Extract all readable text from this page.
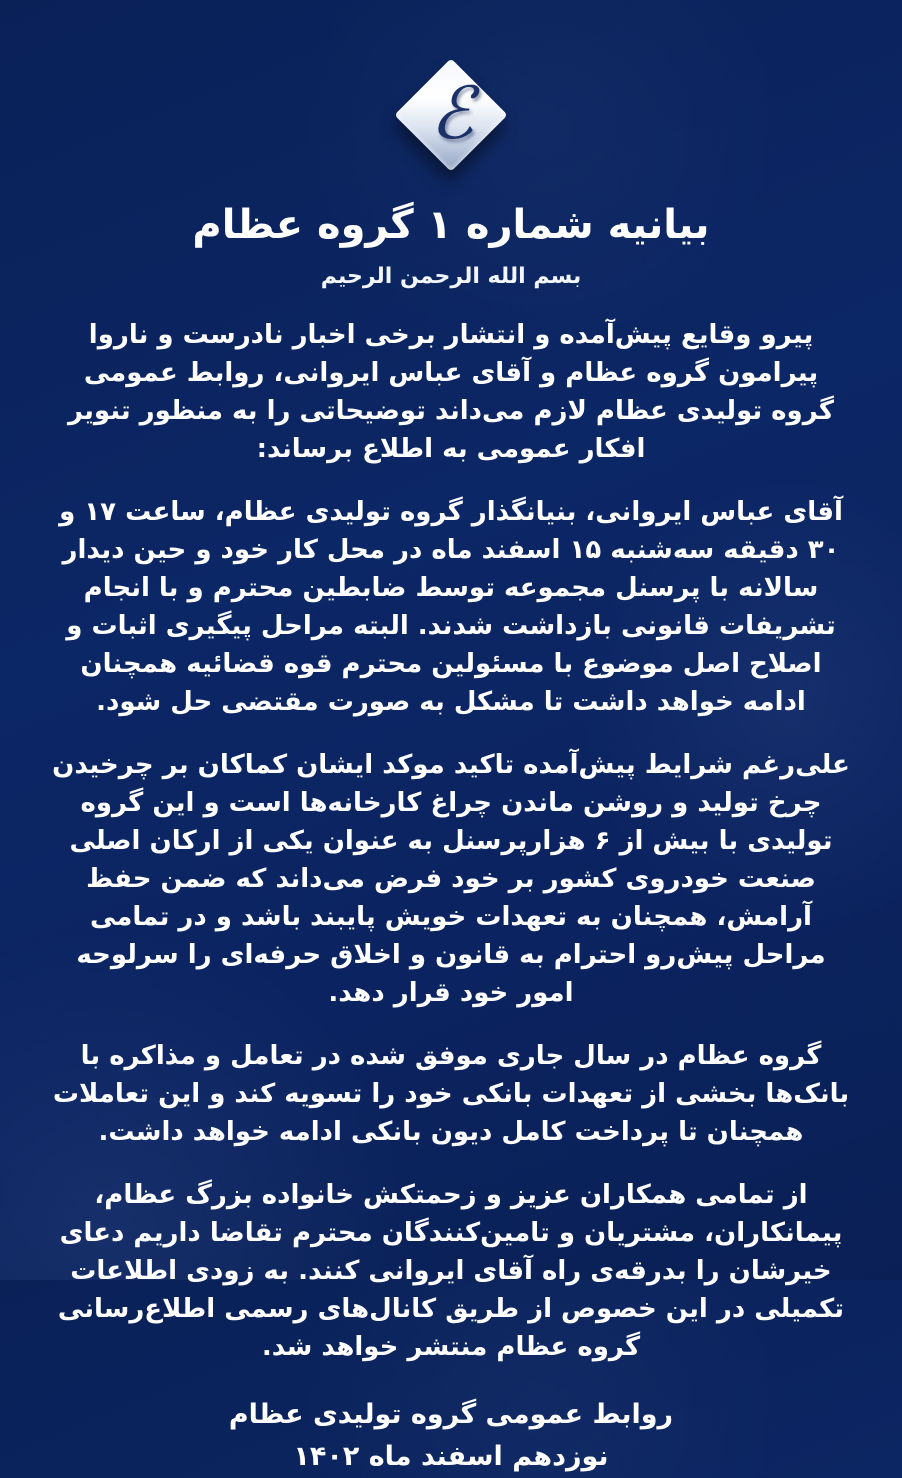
ℰ
بیانیه شماره ۱ گروه عظام
بسم الله الرحمن الرحیم

پیرو وقایع پیش‌آمده و انتشار برخی اخبار نادرست و ناروا پیرامون گروه عظام و آقای عباس ایروانی، روابط عمومی گروه تولیدی عظام لازم می‌داند توضیحاتی را به منظور تنویر افکار عمومی به اطلاع برساند:

آقای عباس ایروانی، بنیانگذار گروه تولیدی عظام، ساعت ۱۷ و ۳۰ دقیقه سه‌شنبه ۱۵ اسفند ماه در محل کار خود و حین دیدار سالانه با پرسنل مجموعه توسط ضابطین محترم و با انجام تشریفات قانونی بازداشت شدند. البته مراحل پیگیری اثبات و اصلاح اصل موضوع با مسئولین محترم قوه قضائیه همچنان ادامه خواهد داشت تا مشکل به صورت مقتضی حل شود.

علی‌رغم شرایط پیش‌آمده تاکید موکد ایشان کماکان بر چرخیدن چرخ تولید و روشن ماندن چراغ کارخانه‌ها است و این گروه تولیدی با بیش از ۶ هزارپرسنل به عنوان یکی از ارکان اصلی صنعت خودروی کشور بر خود فرض می‌داند که ضمن حفظ آرامش، همچنان به تعهدات خویش پایبند باشد و در تمامی مراحل پیش‌رو احترام به قانون و اخلاق حرفه‌ای را سرلوحه امور خود قرار دهد.

گروه عظام در سال جاری موفق شده در تعامل و مذاکره با بانک‌ها بخشی از تعهدات بانکی خود را تسویه کند و این تعاملات همچنان تا پرداخت کامل دیون بانکی ادامه خواهد داشت.

از تمامی همکاران عزیز و زحمتکش خانواده بزرگ عظام، پیمانکاران، مشتریان و تامین‌کنندگان محترم تقاضا داریم دعای خیرشان را بدرقه‌ی راه آقای ایروانی کنند. به زودی اطلاعات تکمیلی در این خصوص از طریق کانال‌های رسمی اطلاع‌رسانی گروه عظام منتشر خواهد شد.

روابط عمومی گروه تولیدی عظام
نوزدهم اسفند ماه ۱۴۰۲
